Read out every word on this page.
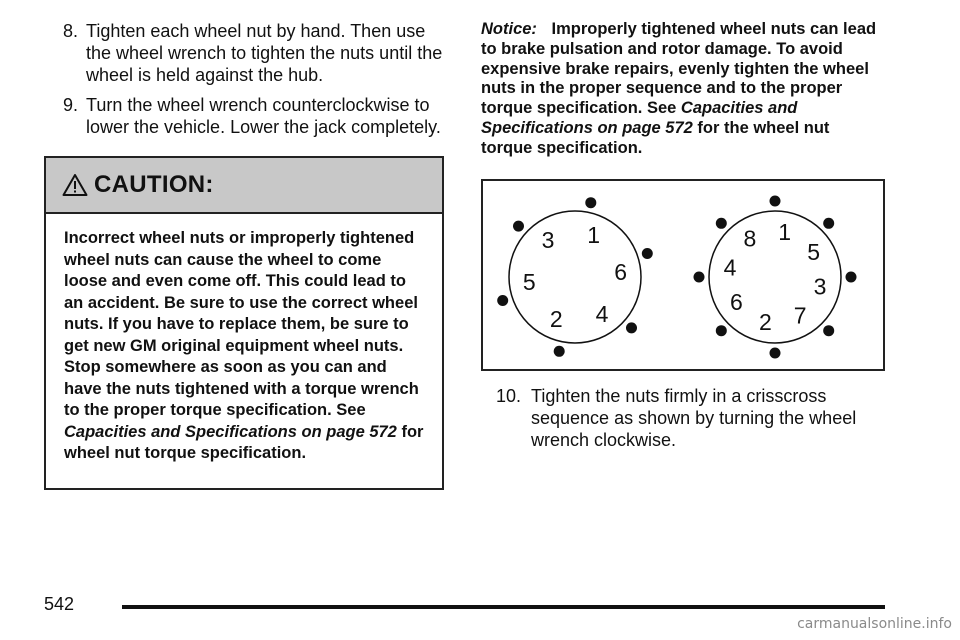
8. Tighten each wheel nut by hand. Then use the wheel wrench to tighten the nuts until the wheel is held against the hub.
9. Turn the wheel wrench counterclockwise to lower the vehicle. Lower the jack completely.
CAUTION:
Incorrect wheel nuts or improperly tightened wheel nuts can cause the wheel to come loose and even come off. This could lead to an accident. Be sure to use the correct wheel nuts. If you have to replace them, be sure to get new GM original equipment wheel nuts. Stop somewhere as soon as you can and have the nuts tightened with a torque wrench to the proper torque specification. See Capacities and Specifications on page 572 for wheel nut torque specification.
Notice: Improperly tightened wheel nuts can lead to brake pulsation and rotor damage. To avoid expensive brake repairs, evenly tighten the wheel nuts in the proper sequence and to the proper torque specification. See Capacities and Specifications on page 572 for the wheel nut torque specification.
1
6
4
2
5
3	1
5
3
7
2
6
4
8
10. Tighten the nuts firmly in a crisscross sequence as shown by turning the wheel wrench clockwise.
542
carmanualsonline.info
